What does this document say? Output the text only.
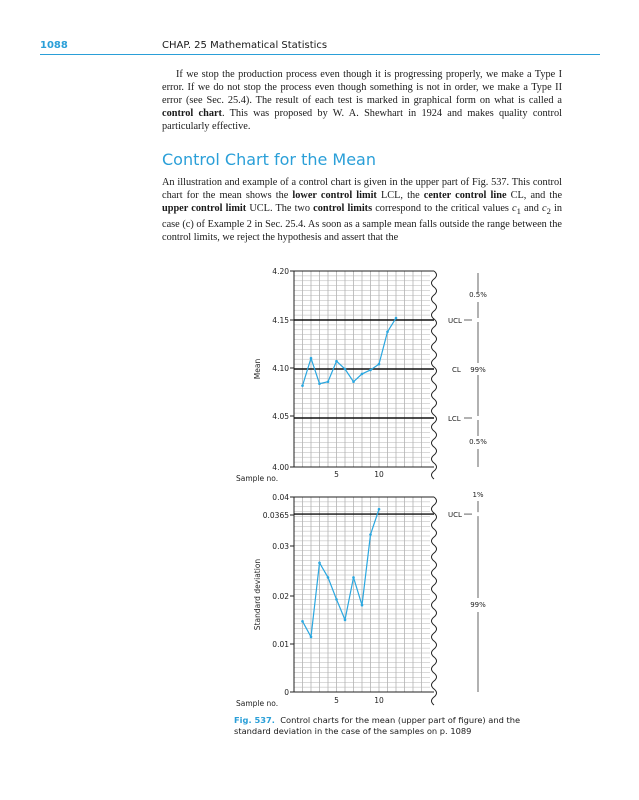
1088	CHAP. 25 Mathematical Statistics

If we stop the production process even though it is progressing properly, we make a Type I error. If we do not stop the process even though something is not in order, we make a Type II error (see Sec. 25.4). The result of each test is marked in graphical form on what is called a control chart. This was proposed by W. A. Shewhart in 1924 and makes quality control particularly effective.

Control Chart for the Mean

An illustration and example of a control chart is given in the upper part of Fig. 537. This control chart for the mean shows the lower control limit LCL, the center control line CL, and the upper control limit UCL. The two control limits correspond to the critical values $c_1$ and $c_2$ in case (c) of Example 2 in Sec. 25.4. As soon as a sample mean falls outside the range between the control limits, we reject the hypothesis and assert that the

4.20
4.15
4.10
4.05
4.00
5	10
Sample no.
Mean
UCL
CL
LCL
0.5%
99%
0.5%
0.04
0.0365
0.03
0.02
0.01
0
5	10
Sample no.
Standard deviation
1%
UCL
99%

Fig. 537. Control charts for the mean (upper part of figure) and the standard deviation in the case of the samples on p. 1089
